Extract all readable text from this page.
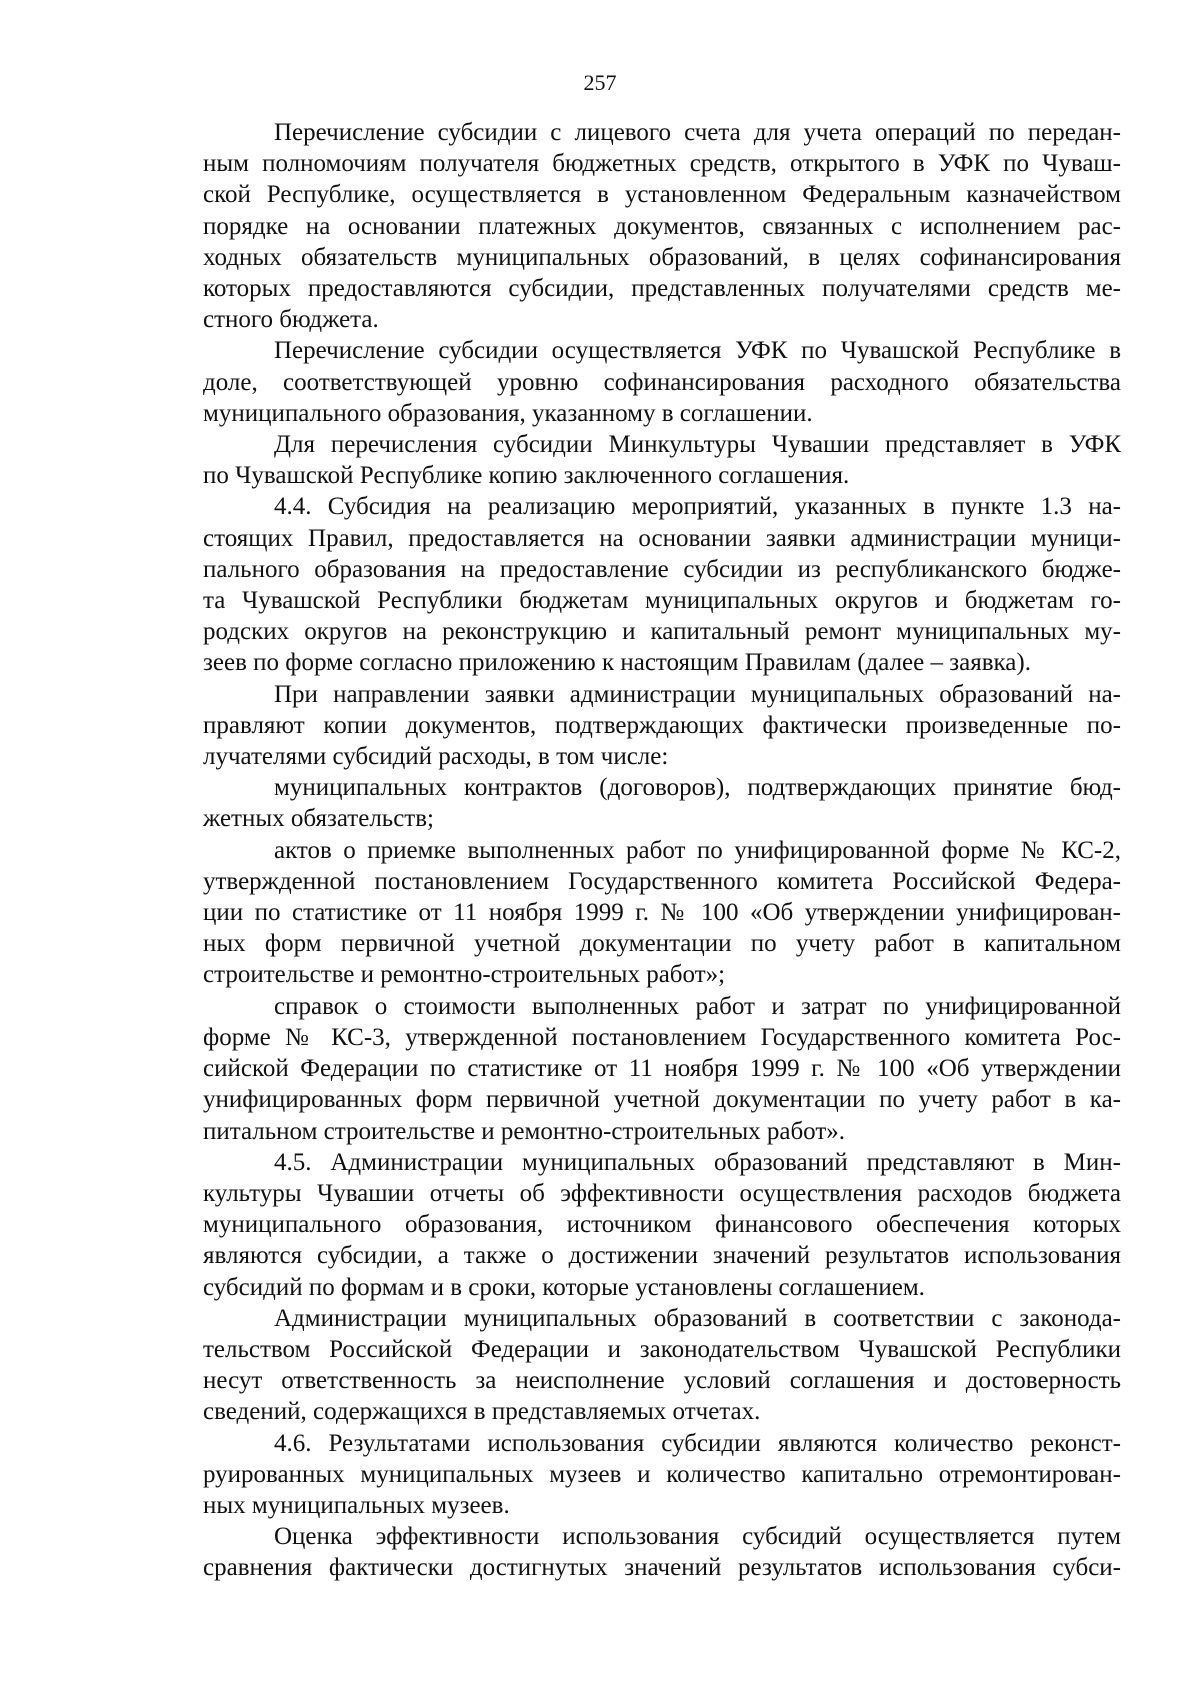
257
Перечисление субсидии с лицевого счета для учета операций по передан-
ным полномочиям получателя бюджетных средств, открытого в УФК по Чуваш-
ской Республике, осуществляется в установленном Федеральным казначейством
порядке на основании платежных документов, связанных с исполнением рас-
ходных обязательств муниципальных образований, в целях софинансирования
которых предоставляются субсидии, представленных получателями средств ме-
стного бюджета.
Перечисление субсидии осуществляется УФК по Чувашской Республике в
доле, соответствующей уровню софинансирования расходного обязательства
муниципального образования, указанному в соглашении.
Для перечисления субсидии Минкультуры Чувашии представляет в УФК
по Чувашской Республике копию заключенного соглашения.
4.4. Субсидия на реализацию мероприятий, указанных в пункте 1.3 на-
стоящих Правил, предоставляется на основании заявки администрации муници-
пального образования на предоставление субсидии из республиканского бюдже-
та Чувашской Республики бюджетам муниципальных округов и бюджетам го-
родских округов на реконструкцию и капитальный ремонт муниципальных му-
зеев по форме согласно приложению к настоящим Правилам (далее – заявка).
При направлении заявки администрации муниципальных образований на-
правляют копии документов, подтверждающих фактически произведенные по-
лучателями субсидий расходы, в том числе:
муниципальных контрактов (договоров), подтверждающих принятие бюд-
жетных обязательств;
актов о приемке выполненных работ по унифицированной форме № КС-2,
утвержденной постановлением Государственного комитета Российской Федера-
ции по статистике от 11 ноября 1999 г. № 100 «Об утверждении унифицирован-
ных форм первичной учетной документации по учету работ в капитальном
строительстве и ремонтно-строительных работ»;
справок о стоимости выполненных работ и затрат по унифицированной
форме № КС-3, утвержденной постановлением Государственного комитета Рос-
сийской Федерации по статистике от 11 ноября 1999 г. № 100 «Об утверждении
унифицированных форм первичной учетной документации по учету работ в ка-
питальном строительстве и ремонтно-строительных работ».
4.5. Администрации муниципальных образований представляют в Мин-
культуры Чувашии отчеты об эффективности осуществления расходов бюджета
муниципального образования, источником финансового обеспечения которых
являются субсидии, а также о достижении значений результатов использования
субсидий по формам и в сроки, которые установлены соглашением.
Администрации муниципальных образований в соответствии с законода-
тельством Российской Федерации и законодательством Чувашской Республики
несут ответственность за неисполнение условий соглашения и достоверность
сведений, содержащихся в представляемых отчетах.
4.6. Результатами использования субсидии являются количество реконст-
руированных муниципальных музеев и количество капитально отремонтирован-
ных муниципальных музеев.
Оценка эффективности использования субсидий осуществляется путем
сравнения фактически достигнутых значений результатов использования субси-
